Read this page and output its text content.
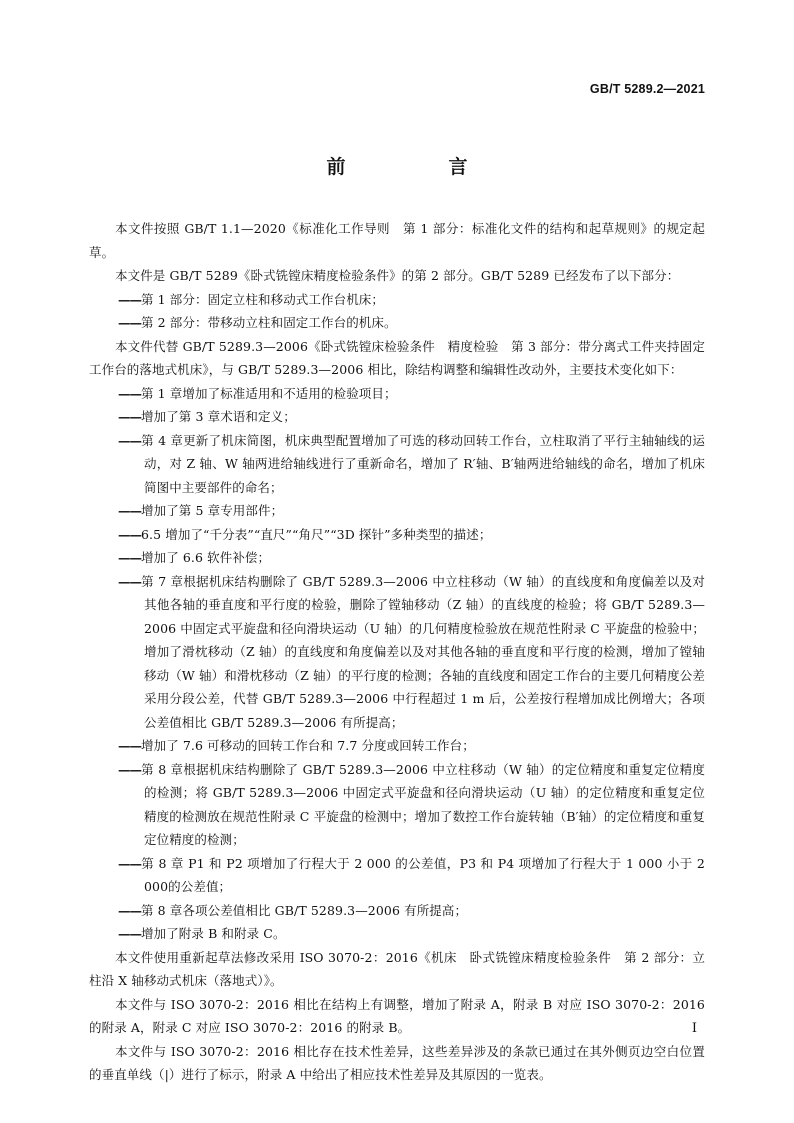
GB/T 5289.2—2021
前　言

本文件按照 GB/T 1.1—2020《标准化工作导则　第 1 部分：标准化文件的结构和起草规则》的规定起草。

本文件是 GB/T 5289《卧式铣镗床精度检验条件》的第 2 部分。GB/T 5289 已经发布了以下部分：

——第 1 部分：固定立柱和移动式工作台机床；

——第 2 部分：带移动立柱和固定工作台的机床。

本文件代替 GB/T 5289.3—2006《卧式铣镗床检验条件　精度检验　第 3 部分：带分离式工件夹持固定工作台的落地式机床》，与 GB/T 5289.3—2006 相比，除结构调整和编辑性改动外，主要技术变化如下：

——第 1 章增加了标准适用和不适用的检验项目；

——增加了第 3 章术语和定义；

——第 4 章更新了机床简图，机床典型配置增加了可选的移动回转工作台，立柱取消了平行主轴轴线的运动，对 Z 轴、W 轴两进给轴线进行了重新命名，增加了 R′轴、B′轴两进给轴线的命名，增加了机床简图中主要部件的命名；

——增加了第 5 章专用部件；

——6.5 增加了“千分表”“直尺”“角尺”“3D 探针”多种类型的描述；

——增加了 6.6 软件补偿；

——第 7 章根据机床结构删除了 GB/T 5289.3—2006 中立柱移动（W 轴）的直线度和角度偏差以及对其他各轴的垂直度和平行度的检验，删除了镗轴移动（Z 轴）的直线度的检验；将 GB/T 5289.3—2006 中固定式平旋盘和径向滑块运动（U 轴）的几何精度检验放在规范性附录 C 平旋盘的检验中；增加了滑枕移动（Z 轴）的直线度和角度偏差以及对其他各轴的垂直度和平行度的检测，增加了镗轴移动（W 轴）和滑枕移动（Z 轴）的平行度的检测；各轴的直线度和固定工作台的主要几何精度公差采用分段公差，代替 GB/T 5289.3—2006 中行程超过 1 m 后，公差按行程增加成比例增大；各项公差值相比 GB/T 5289.3—2006 有所提高；

——增加了 7.6 可移动的回转工作台和 7.7 分度或回转工作台；

——第 8 章根据机床结构删除了 GB/T 5289.3—2006 中立柱移动（W 轴）的定位精度和重复定位精度的检测；将 GB/T 5289.3—2006 中固定式平旋盘和径向滑块运动（U 轴）的定位精度和重复定位精度的检测放在规范性附录 C 平旋盘的检测中；增加了数控工作台旋转轴（B′轴）的定位精度和重复定位精度的检测；

——第 8 章 P1 和 P2 项增加了行程大于 2 000 的公差值，P3 和 P4 项增加了行程大于 1 000 小于 2 000的公差值；

——第 8 章各项公差值相比 GB/T 5289.3—2006 有所提高；

——增加了附录 B 和附录 C。

本文件使用重新起草法修改采用 ISO 3070-2：2016《机床　卧式铣镗床精度检验条件　第 2 部分：立柱沿 X 轴移动式机床（落地式）》。

本文件与 ISO 3070-2：2016 相比在结构上有调整，增加了附录 A，附录 B 对应 ISO 3070-2：2016 的附录 A，附录 C 对应 ISO 3070-2：2016 的附录 B。

本文件与 ISO 3070-2：2016 相比存在技术性差异，这些差异涉及的条款已通过在其外侧页边空白位置的垂直单线（|）进行了标示，附录 A 中给出了相应技术性差异及其原因的一览表。

I
